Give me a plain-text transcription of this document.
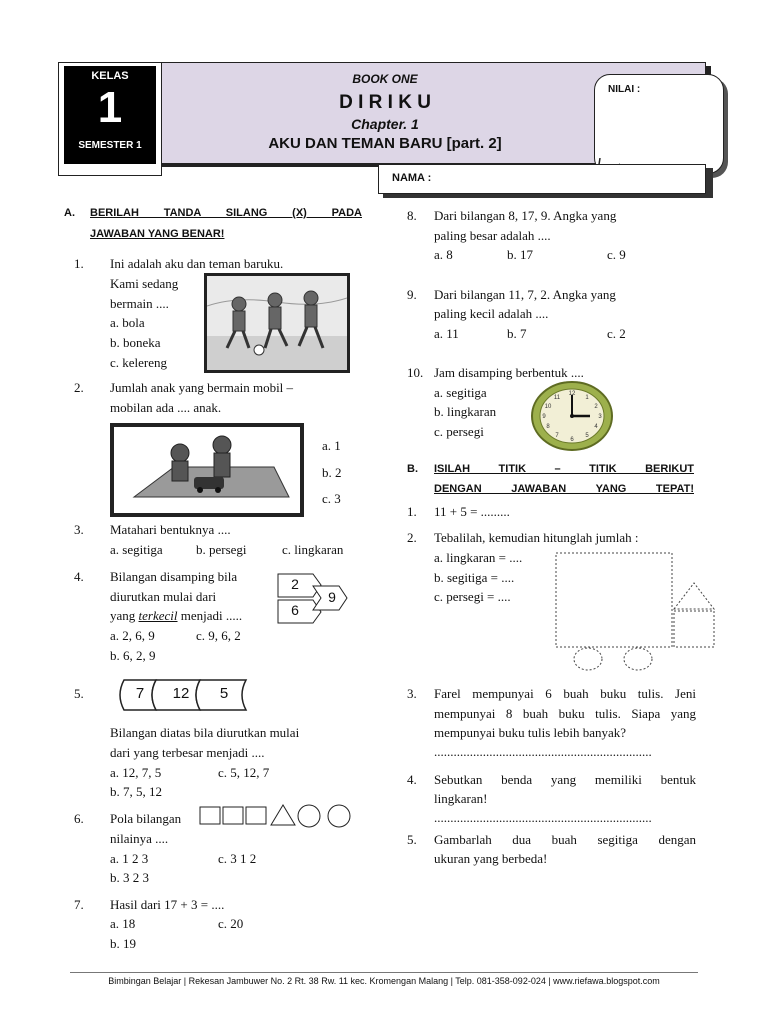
KELAS
1
SEMESTER 1
BOOK ONE
D I R I K U
Chapter. 1
AKU DAN TEMAN BARU [part. 2]
NILAI :
NAMA :
A. BERILAH TANDA SILANG (X) PADA
JAWABAN YANG BENAR!
1. Ini adalah aku dan teman baruku.
Kami sedang
bermain ....
a. bola
b. boneka
c. kelereng
2. Jumlah anak yang bermain mobil –
mobilan ada .... anak.
a. 1
b. 2
c. 3
3. Matahari bentuknya ....
a. segitiga	b. persegi	c. lingkaran
4. Bilangan disamping bila
diurutkan mulai dari
yang terkecil menjadi .....
a. 2, 6, 9	c. 9, 6, 2
b. 6, 2, 9
2
6
9
5.	7	12	5
Bilangan diatas bila diurutkan mulai
dari yang terbesar menjadi ....
a. 12, 7, 5	c. 5, 12, 7
b. 7, 5, 12
6. Pola bilangan
nilainya ....
a. 1 2 3	c. 3 1 2
b. 3 2 3
7. Hasil dari 17 + 3 = ....
a. 18	c. 20
b. 19
8. Dari bilangan 8, 17, 9. Angka yang
paling besar adalah ....
a. 8	b. 17	c. 9
9. Dari bilangan 11, 7, 2. Angka yang
paling kecil adalah ....
a. 11	b. 7	c. 2
10. Jam disamping berbentuk ....
a. segitiga
b. lingkaran
c. persegi
12
1
2
3
4
5
6
7
8
9
10
11
B. ISILAH TITIK – TITIK BERIKUT
DENGAN JAWABAN YANG TEPAT!
1. 11 + 5 = .........
2. Tebalilah, kemudian hitunglah jumlah :
a. lingkaran = ....
b. segitiga = ....
c. persegi = ....
3. Farel mempunyai 6 buah buku tulis. Jeni
mempunyai 8 buah buku tulis. Siapa yang
mempunyai buku tulis lebih banyak?
...................................................................
4. Sebutkan benda yang memiliki bentuk
lingkaran!
...................................................................
5. Gambarlah dua buah segitiga dengan
ukuran yang berbeda!
Bimbingan Belajar | Rekesan Jambuwer No. 2 Rt. 38 Rw. 11 kec. Kromengan Malang | Telp. 081-358-092-024 | www.riefawa.blogspot.com
